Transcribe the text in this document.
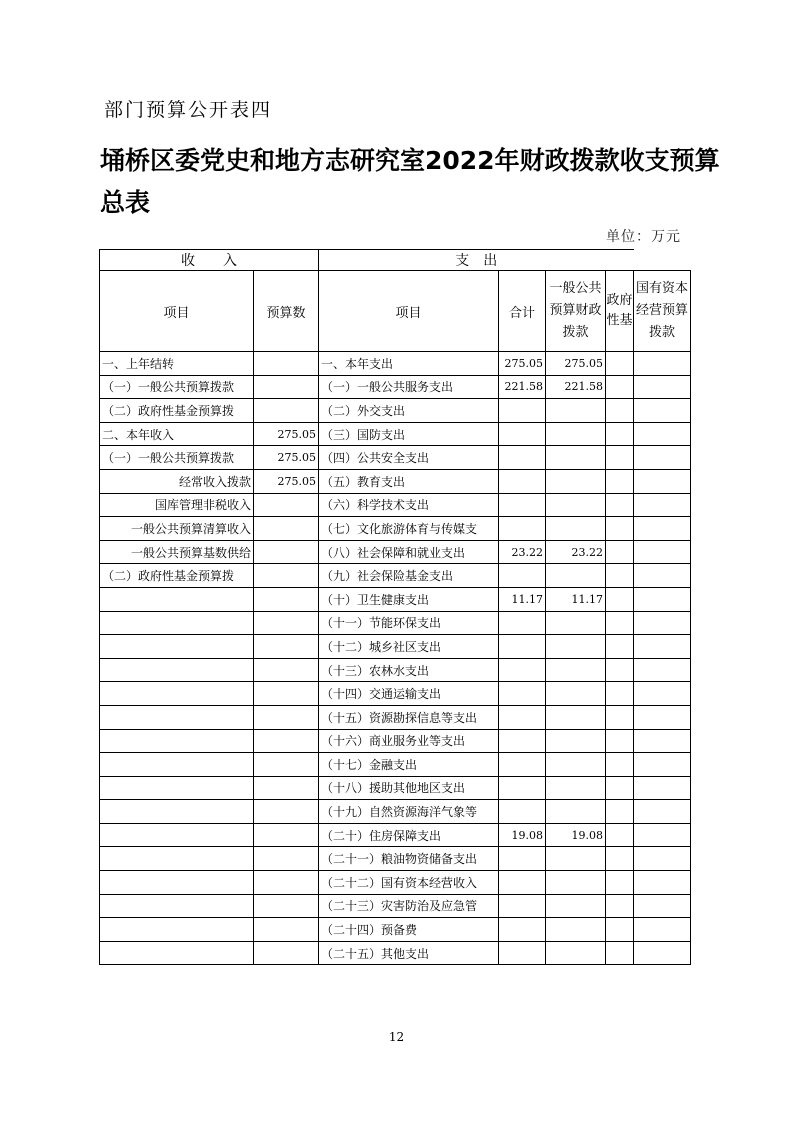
部门预算公开表四
埇桥区委党史和地方志研究室2022年财政拨款收支预算总表
单位：万元
收　　入		支　出				
项目	预算数	项目	合计	一般公共预算财政拨款	政府性基	国有资本经营预算拨款
一、上年结转		一、本年支出	275.05	275.05		
（一）一般公共预算拨款		（一）一般公共服务支出	221.58	221.58		
（二）政府性基金预算拨		（二）外交支出				
二、本年收入	275.05	（三）国防支出				
（一）一般公共预算拨款	275.05	（四）公共安全支出				
经常收入拨款	275.05	（五）教育支出				
国库管理非税收入		（六）科学技术支出				
一般公共预算清算收入		（七）文化旅游体育与传媒支				
一般公共预算基数供给		（八）社会保障和就业支出	23.22	23.22		
（二）政府性基金预算拨		（九）社会保险基金支出				
		（十）卫生健康支出	11.17	11.17		
		（十一）节能环保支出				
		（十二）城乡社区支出				
		（十三）农林水支出				
		（十四）交通运输支出				
		（十五）资源勘探信息等支出				
		（十六）商业服务业等支出				
		（十七）金融支出				
		（十八）援助其他地区支出				
		（十九）自然资源海洋气象等				
		（二十）住房保障支出	19.08	19.08		
		（二十一）粮油物资储备支出				
		（二十二）国有资本经营收入				
		（二十三）灾害防治及应急管				
		（二十四）预备费				
		（二十五）其他支出				
12
